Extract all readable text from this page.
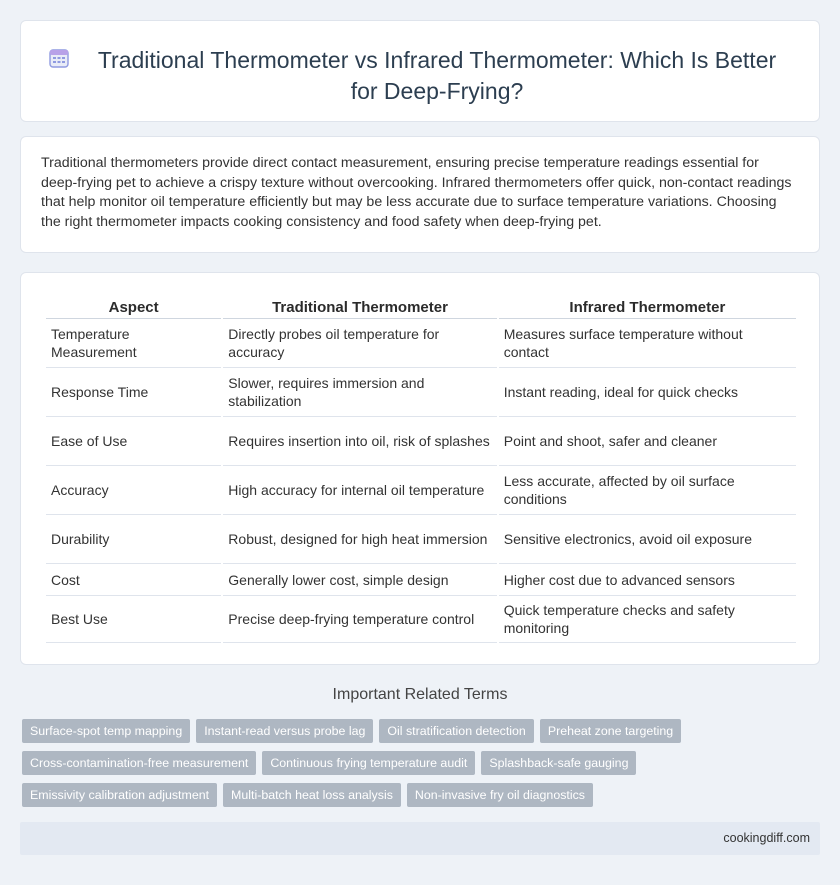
Traditional Thermometer vs Infrared Thermometer: Which Is Better for Deep-Frying?

Traditional thermometers provide direct contact measurement, ensuring precise temperature readings essential for deep-frying pet to achieve a crispy texture without overcooking. Infrared thermometers offer quick, non-contact readings that help monitor oil temperature efficiently but may be less accurate due to surface temperature variations. Choosing the right thermometer impacts cooking consistency and food safety when deep-frying pet.

Aspect	Traditional Thermometer	Infrared Thermometer
Temperature Measurement	Directly probes oil temperature for accuracy	Measures surface temperature without contact
Response Time	Slower, requires immersion and stabilization	Instant reading, ideal for quick checks
Ease of Use	Requires insertion into oil, risk of splashes	Point and shoot, safer and cleaner
Accuracy	High accuracy for internal oil temperature	Less accurate, affected by oil surface conditions
Durability	Robust, designed for high heat immersion	Sensitive electronics, avoid oil exposure
Cost	Generally lower cost, simple design	Higher cost due to advanced sensors
Best Use	Precise deep-frying temperature control	Quick temperature checks and safety monitoring
Important Related Terms
Surface-spot temp mapping	Instant-read versus probe lag	Oil stratification detection	Preheat zone targeting
Cross-contamination-free measurement	Continuous frying temperature audit	Splashback-safe gauging
Emissivity calibration adjustment	Multi-batch heat loss analysis	Non-invasive fry oil diagnostics
cookingdiff.com
